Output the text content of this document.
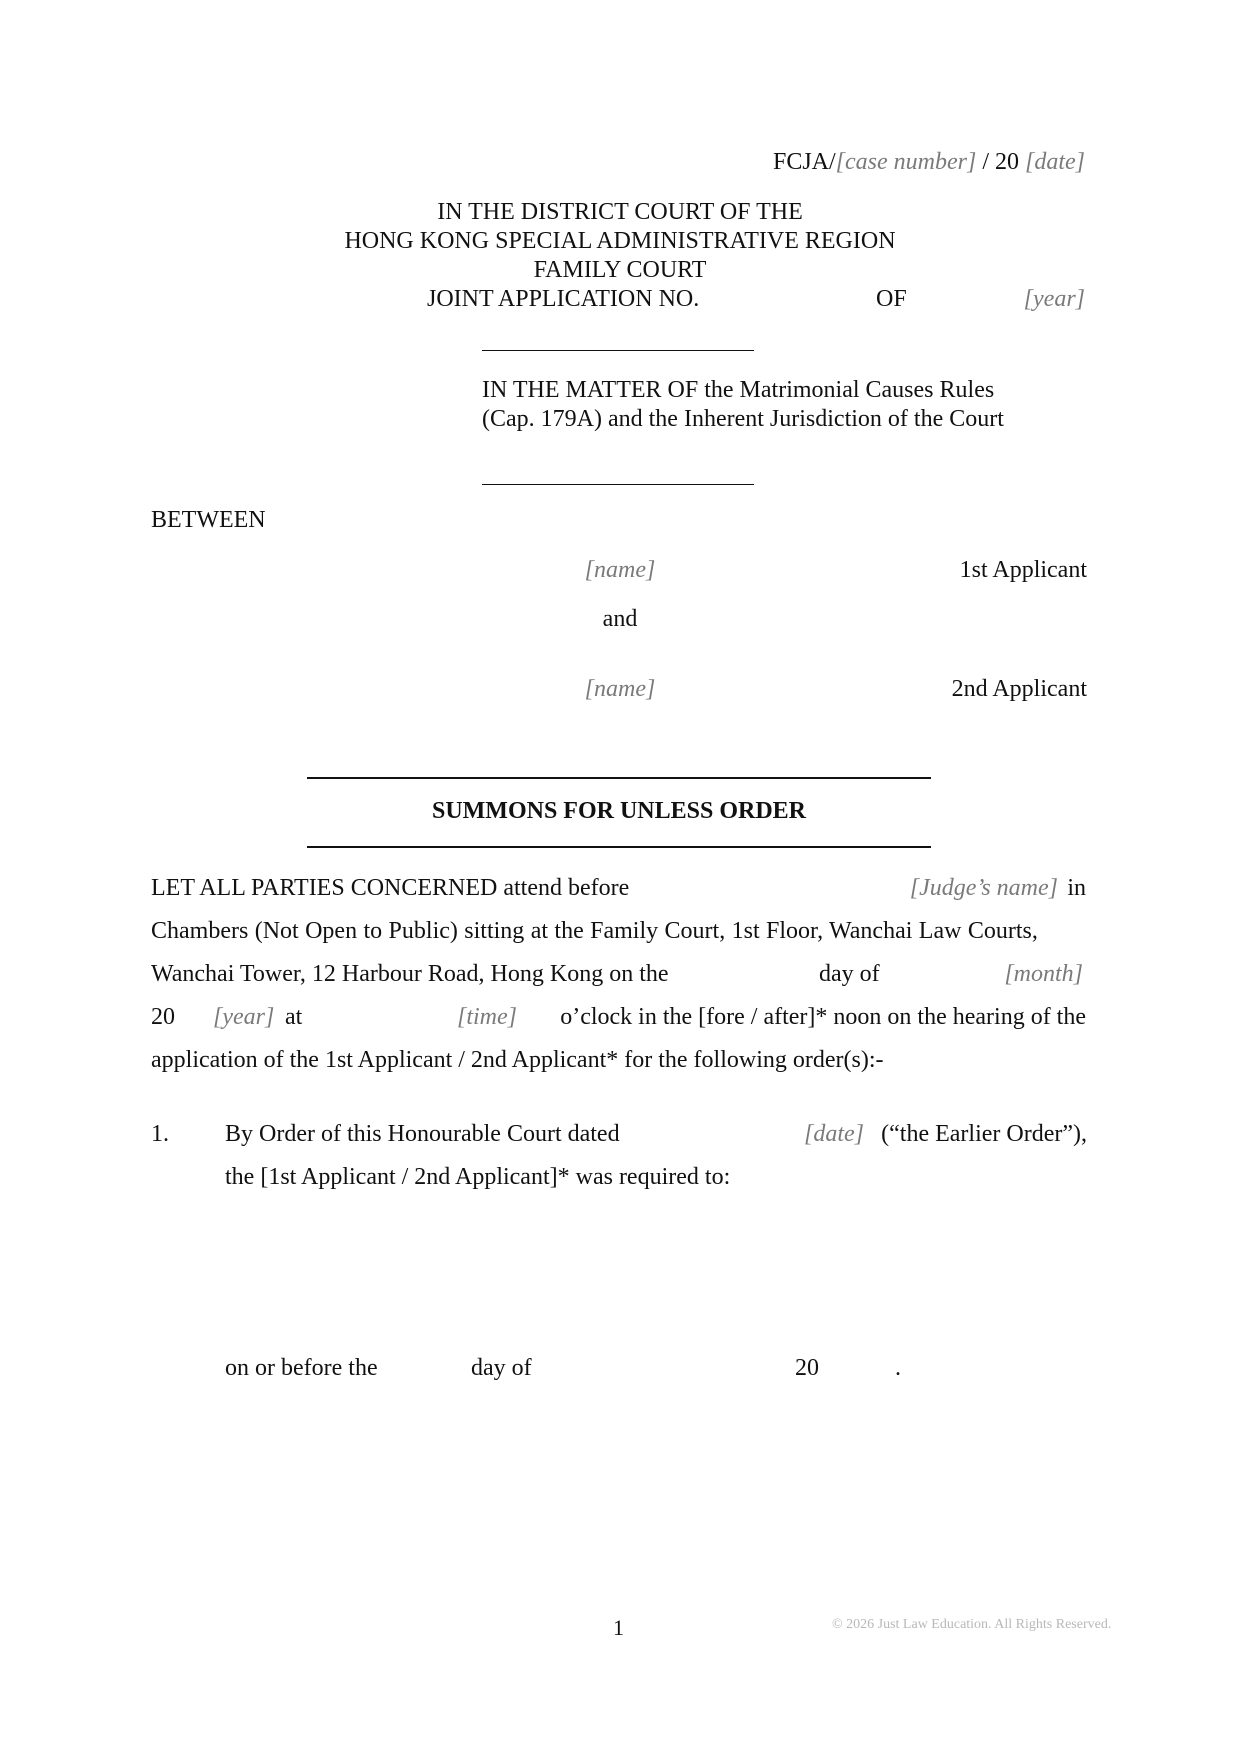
FCJA/[case number] / 20 [date]
IN THE DISTRICT COURT OF THE
HONG KONG SPECIAL ADMINISTRATIVE REGION
FAMILY COURT
JOINT APPLICATION NO.	OF	[year]
IN THE MATTER OF the Matrimonial Causes Rules
(Cap. 179A) and the Inherent Jurisdiction of the Court
BETWEEN
[name]	1st Applicant
and
[name]	2nd Applicant
SUMMONS FOR UNLESS ORDER
LET ALL PARTIES CONCERNED attend before	[Judge’s name] in
Chambers (Not Open to Public) sitting at the Family Court, 1st Floor, Wanchai Law Courts,
Wanchai Tower, 12 Harbour Road, Hong Kong on the	day of	[month]
20 [year] at	[time] o’clock in the [fore / after]* noon on the hearing of the
application of the 1st Applicant / 2nd Applicant* for the following order(s):-
1. By Order of this Honourable Court dated	[date] (“the Earlier Order”),
the [1st Applicant / 2nd Applicant]* was required to:
on or before the	day of	20	.
1	© 2026 Just Law Education. All Rights Reserved.
